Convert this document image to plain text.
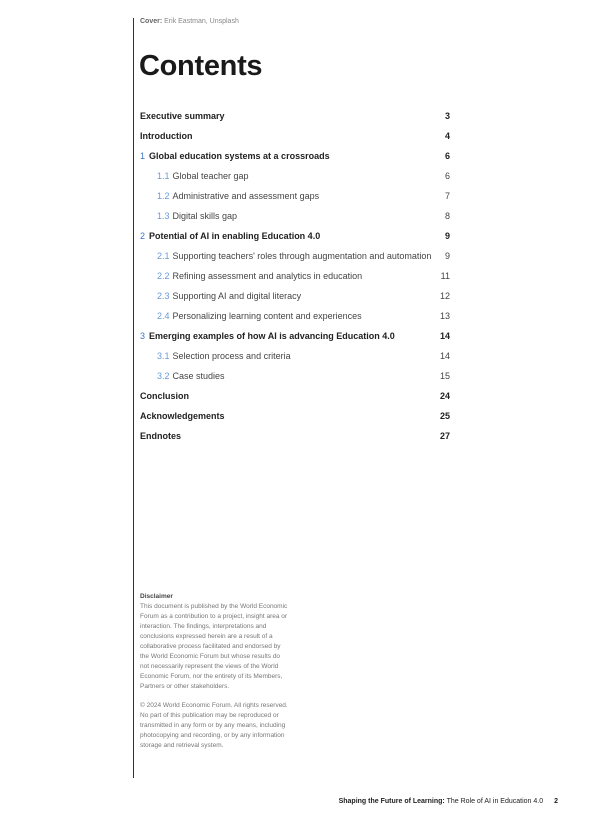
Cover: Erik Eastman, Unsplash
Contents
Executive summary	3
Introduction	4
1 Global education systems at a crossroads	6
1.1 Global teacher gap	6
1.2 Administrative and assessment gaps	7
1.3 Digital skills gap	8
2 Potential of AI in enabling Education 4.0	9
2.1 Supporting teachers' roles through augmentation and automation 9
2.2 Refining assessment and analytics in education	11
2.3 Supporting AI and digital literacy	12
2.4 Personalizing learning content and experiences	13
3 Emerging examples of how AI is advancing Education 4.0	14
3.1 Selection process and criteria	14
3.2 Case studies	15
Conclusion	24
Acknowledgements	25
Endnotes	27
Disclaimer

This document is published by the World Economic Forum as a contribution to a project, insight area or interaction. The findings, interpretations and conclusions expressed herein are a result of a collaborative process facilitated and endorsed by the World Economic Forum but whose results do not necessarily represent the views of the World Economic Forum, nor the entirety of its Members, Partners or other stakeholders.

© 2024 World Economic Forum. All rights reserved. No part of this publication may be reproduced or transmitted in any form or by any means, including photocopying and recording, or by any information storage and retrieval system.

Shaping the Future of Learning: The Role of AI in Education 4.0 2
